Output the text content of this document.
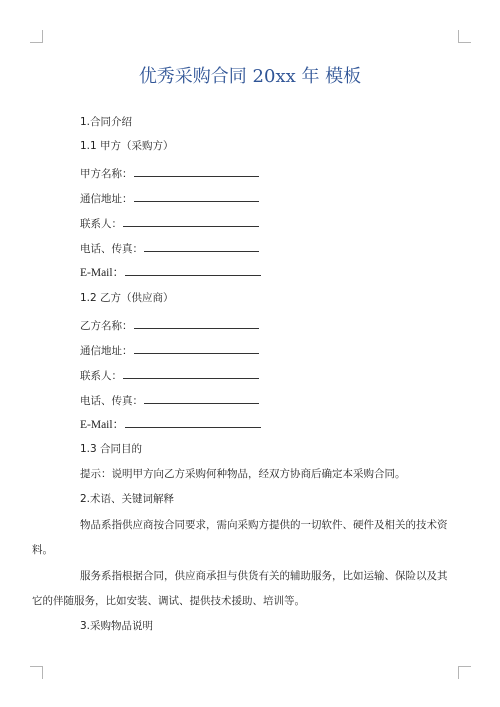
优秀采购合同 20xx 年 模板
1.合同介绍
1.1 甲方（采购方）
甲方名称：
通信地址：
联系人：
电话、传真：
E-Mail：
1.2 乙方（供应商）
乙方名称：
通信地址：
联系人：
电话、传真：
E-Mail：
1.3 合同目的
提示：说明甲方向乙方采购何种物品，经双方协商后确定本采购合同。
2.术语、关键词解释
物品系指供应商按合同要求，需向采购方提供的一切软件、硬件及相关的技术资
料。
服务系指根据合同，供应商承担与供货有关的辅助服务，比如运输、保险以及其
它的伴随服务，比如安装、调试、提供技术援助、培训等。
3.采购物品说明
